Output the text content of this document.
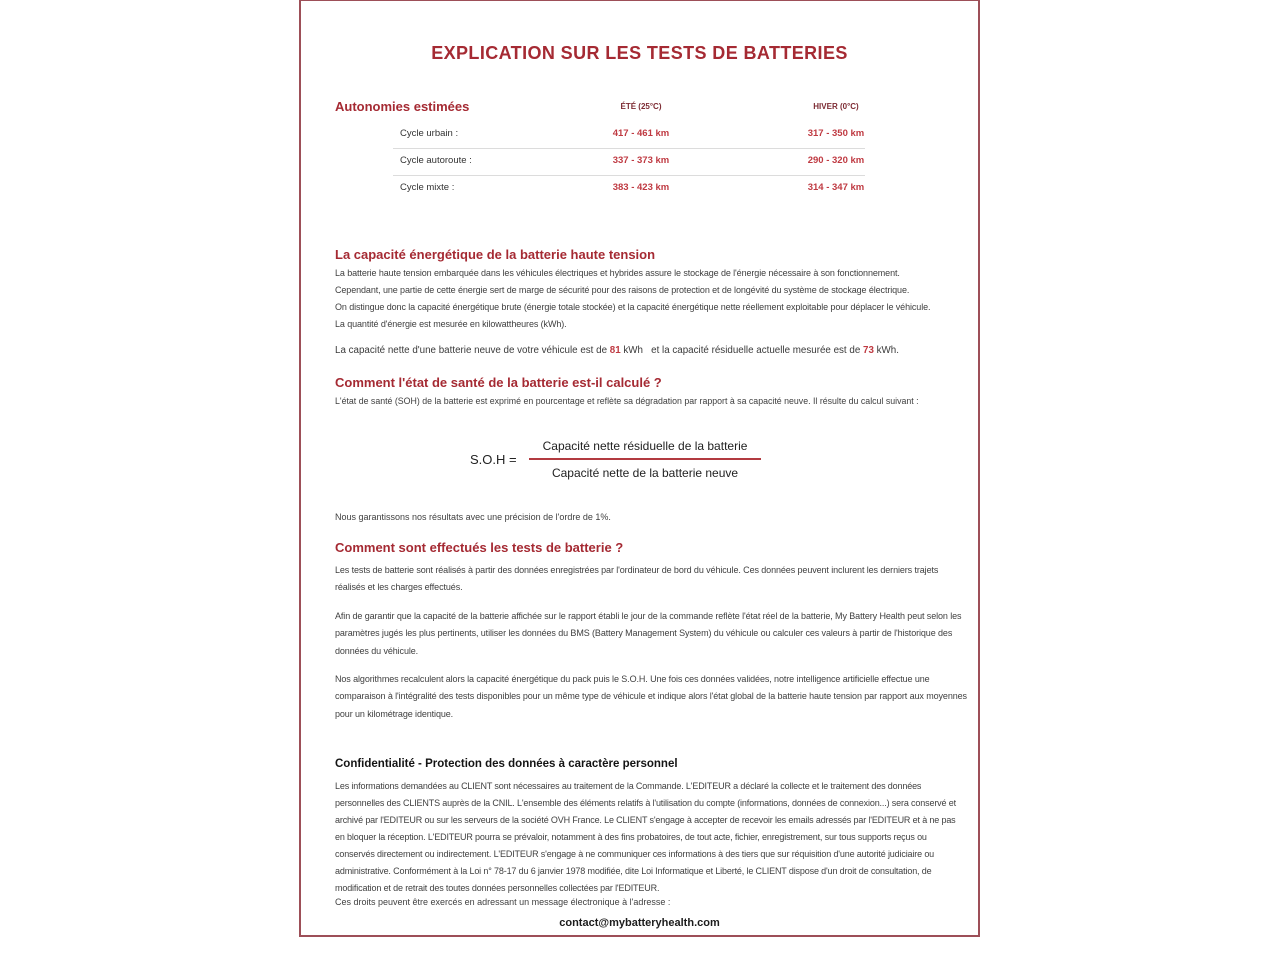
EXPLICATION SUR LES TESTS DE BATTERIES
Autonomies estimées	ÉTÉ (25°C)	HIVER (0°C)
Cycle urbain :	417 - 461 km	317 - 350 km
Cycle autoroute :	337 - 373 km	290 - 320 km
Cycle mixte :	383 - 423 km	314 - 347 km
La capacité énergétique de la batterie haute tension
La batterie haute tension embarquée dans les véhicules électriques et hybrides assure le stockage de l'énergie nécessaire à son fonctionnement.
Cependant, une partie de cette énergie sert de marge de sécurité pour des raisons de protection et de longévité du système de stockage électrique.
On distingue donc la capacité énergétique brute (énergie totale stockée) et la capacité énergétique nette réellement exploitable pour déplacer le véhicule.
La quantité d'énergie est mesurée en kilowattheures (kWh).
La capacité nette d'une batterie neuve de votre véhicule est de 81 kWh   et la capacité résiduelle actuelle mesurée est de 73 kWh.
Comment l'état de santé de la batterie est-il calculé ?
L'état de santé (SOH) de la batterie est exprimé en pourcentage et reflète sa dégradation par rapport à sa capacité neuve. Il résulte du calcul suivant :
$S.O.H = \frac{\text{Capacité nette résiduelle de la batterie}}{\text{Capacité nette de la batterie neuve}}$
Nous garantissons nos résultats avec une précision de l'ordre de 1%.
Comment sont effectués les tests de batterie ?
Les tests de batterie sont réalisés à partir des données enregistrées par l'ordinateur de bord du véhicule. Ces données peuvent inclurent les derniers trajets réalisés et les charges effectués.
Afin de garantir que la capacité de la batterie affichée sur le rapport établi le jour de la commande reflète l'état réel de la batterie, My Battery Health peut selon les paramètres jugés les plus pertinents, utiliser les données du BMS (Battery Management System) du véhicule ou calculer ces valeurs à partir de l'historique des données du véhicule.
Nos algorithmes recalculent alors la capacité énergétique du pack puis le S.O.H. Une fois ces données validées, notre intelligence artificielle effectue une comparaison à l'intégralité des tests disponibles pour un même type de véhicule et indique alors l'état global de la batterie haute tension par rapport aux moyennes pour un kilométrage identique.
Confidentialité - Protection des données à caractère personnel
Les informations demandées au CLIENT sont nécessaires au traitement de la Commande. L'EDITEUR a déclaré la collecte et le traitement des données personnelles des CLIENTS auprès de la CNIL. L'ensemble des éléments relatifs à l'utilisation du compte (informations, données de connexion...) sera conservé et archivé par l'EDITEUR ou sur les serveurs de la société OVH France. Le CLIENT s'engage à accepter de recevoir les emails adressés par l'EDITEUR et à ne pas en bloquer la réception. L'EDITEUR pourra se prévaloir, notamment à des fins probatoires, de tout acte, fichier, enregistrement, sur tous supports reçus ou conservés directement ou indirectement. L'EDITEUR s'engage à ne communiquer ces informations à des tiers que sur réquisition d'une autorité judiciaire ou administrative. Conformément à la Loi n° 78-17 du 6 janvier 1978 modifiée, dite Loi Informatique et Liberté, le CLIENT dispose d'un droit de consultation, de modification et de retrait des toutes données personnelles collectées par l'EDITEUR.
Ces droits peuvent être exercés en adressant un message électronique à l'adresse :
contact@mybatteryhealth.com
